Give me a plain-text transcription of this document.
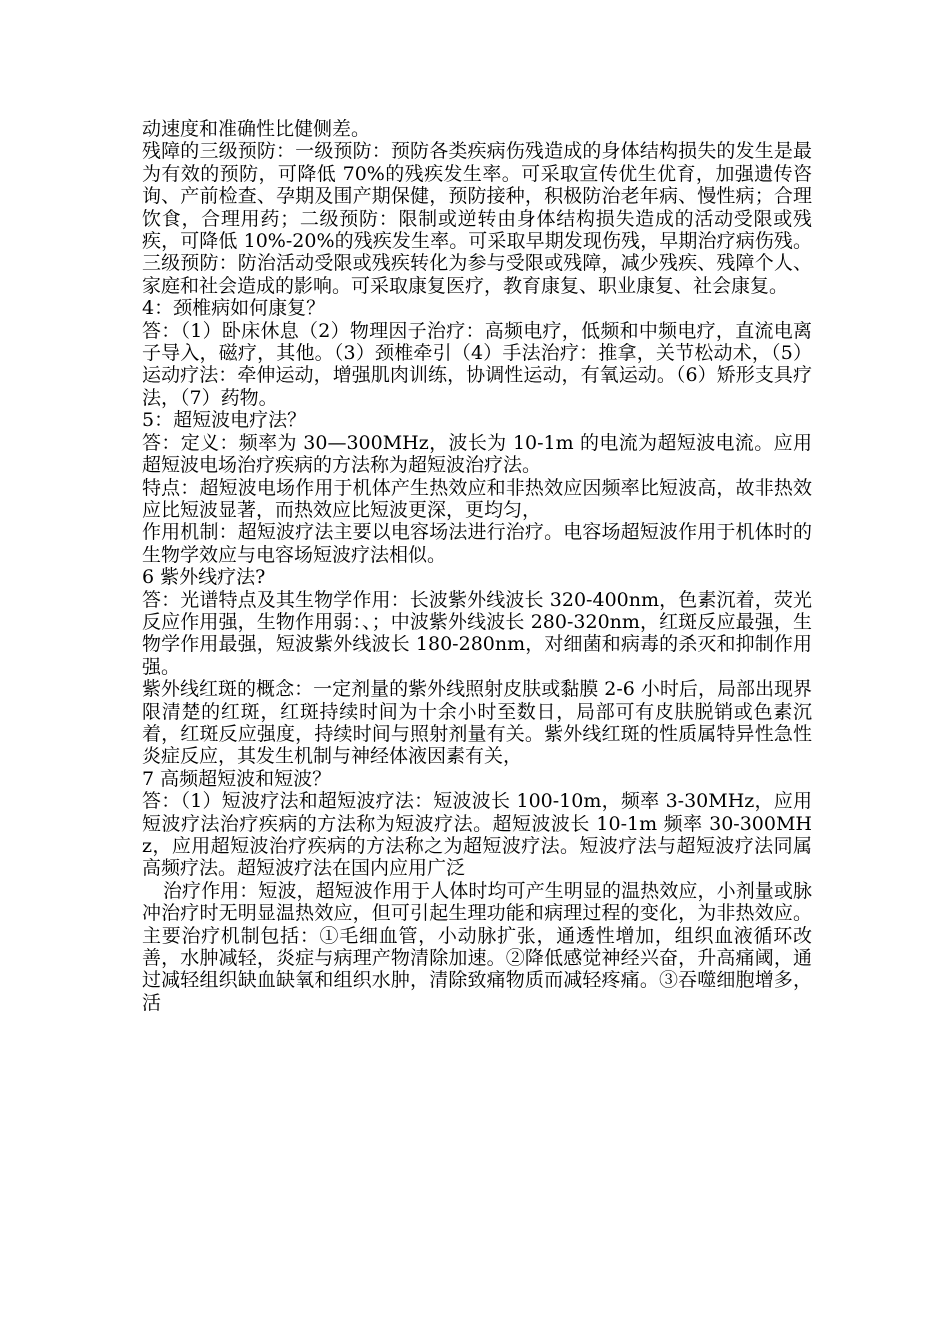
动速度和准确性比健侧差。

残障的三级预防：一级预防：预防各类疾病伤残造成的身体结构损失的发生是最为有效的预防，可降低 70%的残疾发生率。可采取宣传优生优育，加强遗传咨询、产前检查、孕期及围产期保健，预防接种，积极防治老年病、慢性病；合理饮食，合理用药；二级预防：限制或逆转由身体结构损失造成的活动受限或残疾，可降低 10%-20%的残疾发生率。可采取早期发现伤残，早期治疗病伤残。三级预防：防治活动受限或残疾转化为参与受限或残障，减少残疾、残障个人、家庭和社会造成的影响。可采取康复医疗，教育康复、职业康复、社会康复。

4：颈椎病如何康复？

答：（1）卧床休息（2）物理因子治疗：高频电疗，低频和中频电疗，直流电离子导入，磁疗，其他。（3）颈椎牵引（4）手法治疗：推拿，关节松动术，（5）运动疗法：牵伸运动，增强肌肉训练，协调性运动，有氧运动。（6）矫形支具疗法，（7）药物。

5：超短波电疗法？

答：定义：频率为 30—300MHz，波长为 10-1m 的电流为超短波电流。应用超短波电场治疗疾病的方法称为超短波治疗法。

特点：超短波电场作用于机体产生热效应和非热效应因频率比短波高，故非热效应比短波显著，而热效应比短波更深，更均匀，

作用机制：超短波疗法主要以电容场法进行治疗。电容场超短波作用于机体时的生物学效应与电容场短波疗法相似。

6 紫外线疗法?

答：光谱特点及其生物学作用：长波紫外线波长 320-400nm，色素沉着，荧光反应作用强，生物作用弱：、；中波紫外线波长 280-320nm，红斑反应最强，生物学作用最强，短波紫外线波长 180-280nm，对细菌和病毒的杀灭和抑制作用强。

紫外线红斑的概念：一定剂量的紫外线照射皮肤或黏膜 2-6 小时后，局部出现界限清楚的红斑，红斑持续时间为十余小时至数日，局部可有皮肤脱销或色素沉着，红斑反应强度，持续时间与照射剂量有关。紫外线红斑的性质属特异性急性炎症反应，其发生机制与神经体液因素有关，

7 高频超短波和短波？

答：（1）短波疗法和超短波疗法：短波波长 100-10m，频率 3-30MHz，应用短波疗法治疗疾病的方法称为短波疗法。超短波波长 10-1m 频率 30-300MHz，应用超短波治疗疾病的方法称之为超短波疗法。短波疗法与超短波疗法同属高频疗法。超短波疗法在国内应用广泛

治疗作用：短波，超短波作用于人体时均可产生明显的温热效应，小剂量或脉冲治疗时无明显温热效应，但可引起生理功能和病理过程的变化，为非热效应。主要治疗机制包括：①毛细血管，小动脉扩张，通透性增加，组织血液循环改善，水肿减轻，炎症与病理产物清除加速。②降低感觉神经兴奋，升高痛阈，通过减轻组织缺血缺氧和组织水肿，清除致痛物质而减轻疼痛。③吞噬细胞增多，活
